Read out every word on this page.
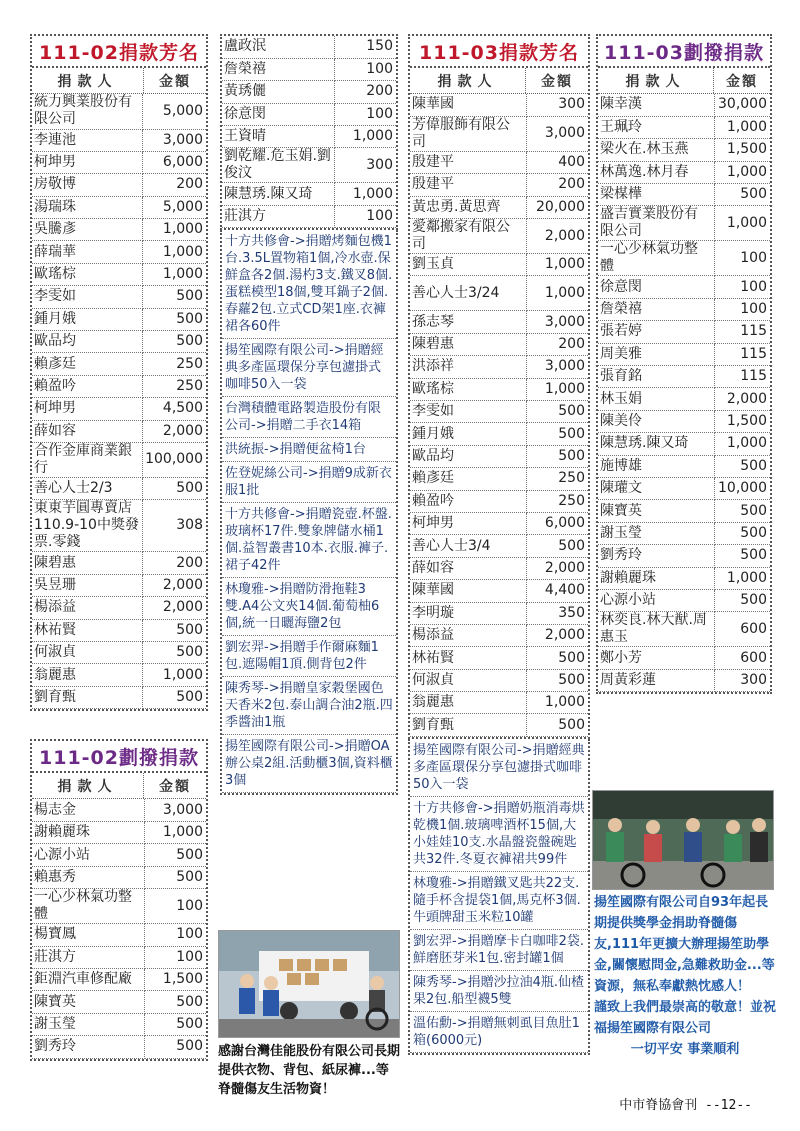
111-02捐款芳名
捐款人	金額
統力興業股份有限公司	5,000
李連池	3,000
柯坤男	6,000
房敬博	200
湯瑞珠	5,000
吳騰彥	1,000
薛瑞華	1,000
歐瑤棕	1,000
李雯如	500
鍾月娥	500
歐品均	500
賴彥廷	250
賴盈吟	250
柯坤男	4,500
薛如容	2,000
合作金庫商業銀行	100,000
善心人士2/3	500
東東芋圓專賣店110.9-10中獎發票.零錢	308
陳碧惠	200
吳昱珊	2,000
楊添益	2,000
林祐賢	500
何淑貞	500
翁麗惠	1,000
劉育甄	500
111-02劃撥捐款
捐款人	金額
楊志金	3,000
謝賴麗珠	1,000
心源小站	500
賴惠秀	500
一心少林氣功整體	100
楊寶鳳	100
莊淇方	100
鉅淵汽車修配廠	1,500
陳寶英	500
謝玉瑩	500
劉秀玲	500
盧政泯	150
詹榮禧	100
黃琇儷	200
徐意閔	100
王資晴	1,000
劉乾耀.危玉娟.劉俊汶	300
陳慧琇.陳又琦	1,000
莊淇方	100
十方共修會->捐贈烤麵包機1台.3.5L置物箱1個,冷水壺.保鮮盒各2個.湯杓3支.鐵叉8個.蛋糕模型18個,雙耳鍋子2個.春蘿2包.立式CD架1座.衣褲裙各60件
揚笙國際有限公司->捐贈經典多產區環保分享包濾掛式咖啡50入一袋
台灣積體電路製造股份有限公司->捐贈二手衣14箱
洪統振->捐贈便盆椅1台
佐登妮絲公司->捐贈9成新衣服1批
十方共修會->捐贈瓷壺.杯盤.玻璃杯17件.雙象牌儲水桶1個.益智叢書10本.衣服.褲子.裙子42件
林瓊雅->捐贈防滑拖鞋3雙.A4公文夾14個.葡萄柚6個,統一日曬海鹽2包
劉宏羿->捐贈手作爾麻麵1包.遮陽帽1頂.側背包2件
陳秀琴->捐贈皇家穀堡國色天香米2包.泰山調合油2瓶.四季醬油1瓶
揚笙國際有限公司->捐贈OA辦公桌2組.活動櫃3個,資料櫃3個
感謝台灣佳能股份有限公司長期提供衣物、背包、紙尿褲...等脊髓傷友生活物資！
111-03捐款芳名
捐款人	金額
陳華國	300
芳偉服飾有限公司	3,000
殷建平	400
殷建平	200
黃忠勇.黃思齊	20,000
愛鄰搬家有限公司	2,000
劉玉貞	1,000
善心人士3/24	1,000
孫志琴	3,000
陳碧惠	200
洪添祥	3,000
歐瑤棕	1,000
李雯如	500
鍾月娥	500
歐品均	500
賴彥廷	250
賴盈吟	250
柯坤男	6,000
善心人士3/4	500
薛如容	2,000
陳華國	4,400
李明璇	350
楊添益	2,000
林祐賢	500
何淑貞	500
翁麗惠	1,000
劉育甄	500
揚笙國際有限公司->捐贈經典多產區環保分享包濾掛式咖啡50入一袋
十方共修會->捐贈奶瓶消毒烘乾機1個.玻璃啤酒杯15個,大小娃娃10支.水晶盤瓷盤碗匙共32件.冬夏衣褲裙共99件
林瓊雅->捐贈鐵叉匙共22支.隨手杯含提袋1個,馬克杯3個.牛頭牌甜玉米粒10罐
劉宏羿->捐贈摩卡白咖啡2袋.鮮磨胚芽米1包.密封罐1個
陳秀琴->捐贈沙拉油4瓶.仙楂果2包.船型襪5雙
溫佑勳->捐贈無刺虱目魚肚1箱(6000元)
111-03劃撥捐款
捐款人	金額
陳幸漢	30,000
王珮玲	1,000
梁火在.林玉燕	1,500
林萬逸.林月春	1,000
梁楳樺	500
盛吉實業股份有限公司	1,000
一心少林氣功整體	100
徐意閔	100
詹榮禧	100
張若婷	115
周美雅	115
張育銘	115
林玉娟	2,000
陳美伶	1,500
陳慧琇.陳又琦	1,000
施博雄	500
陳瓘文	10,000
陳寶英	500
謝玉瑩	500
劉秀玲	500
謝賴麗珠	1,000
心源小站	500
林奕良.林大猷.周惠玉	600
鄭小芳	600
周黃彩蓮	300
揚笙國際有限公司自93年起長期提供獎學金捐助脊髓傷友,111年更擴大辦理揚笙助學金,關懷慰問金,急難救助金...等資源，無私奉獻熱忱感人！
謹致上我們最崇高的敬意！並祝福揚笙國際有限公司
一切平安 事業順利
中市脊協會刊 --12--
